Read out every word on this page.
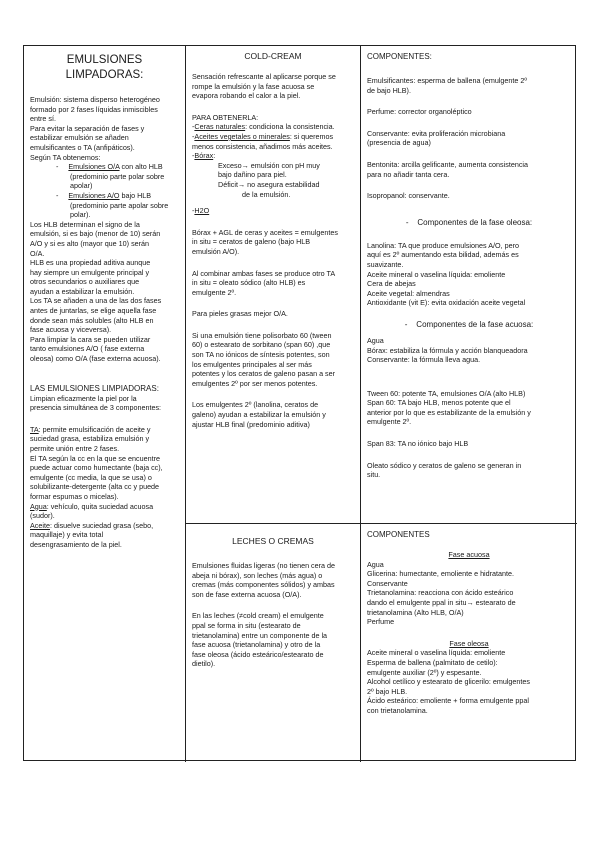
EMULSIONES
LIMPADORAS:

Emulsión: sistema disperso heterogéneo

formado por 2 fases líquidas inmiscibles

entre sí.

Para evitar la separación de fases y

estabilizar emulsión se añaden

emulsificantes o TA (anfipáticos).

Según TA obtenemos:

-     Emulsiones O/A con alto HLB

(predominio parte polar sobre

apolar)

-     Emulsiones A/O bajo HLB

(predominio parte apolar sobre

polar).

Los HLB determinan el signo de la

emulsión, si es bajo (menor de 10) serán

A/O y si es alto (mayor que 10) serán

O/A.

HLB es una propiedad aditiva aunque

hay siempre un emulgente principal y

otros secundarios o auxiliares que

ayudan a estabilizar la emulsión.

Los TA se añaden a una de las dos fases

antes de juntarlas, se elige aquella fase

donde sean más solubles (alto HLB en

fase acuosa y viceversa).

Para limpiar la cara se pueden utilizar

tanto emulsiones A/O ( fase externa

oleosa) como O/A (fase externa acuosa).

LAS EMULSIONES LIMPIADORAS:

Limpian eficazmente la piel por la

presencia simultánea de 3 componentes:

TA: permite emulsificación de aceite y

suciedad grasa, estabiliza emulsión y

permite unión entre 2 fases.

El TA según la cc en la que se encuentre

puede actuar como humectante (baja cc),

emulgente (cc media, la que se usa) o

solubilizante-detergente (alta cc y puede

formar espumas o micelas).

Agua: vehículo, quita suciedad acuosa

(sudor).

Aceite: disuelve suciedad grasa (sebo,

maquillaje) y evita total

desengrasamiento de la piel.

COLD-CREAM

Sensación refrescante al aplicarse porque se

rompe la emulsión y la fase acuosa se

evapora robando el calor a la piel.

PARA OBTENERLA:

-Ceras naturales: condiciona la consistencia.

-Aceites vegetales o minerales: si queremos

menos consistencia, añadimos más aceites.

-Bórax:

Exceso→ emulsión con pH muy

bajo dañino para piel.

Déficit→ no asegura estabilidad

de la emulsión.

-H2O

Bórax + AGL de ceras y aceites = emulgentes

in situ = ceratos de galeno (bajo HLB

emulsión A/O).

Al combinar ambas fases se produce otro TA

in situ = oleato sódico (alto HLB) es

emulgente 2º.

Para pieles grasas mejor O/A.

Si una emulsión tiene polisorbato 60 (tween

60) o estearato de sorbitano (span 60) ,que

son TA no iónicos de síntesis potentes, son

los emulgentes principales al ser más

potentes y los ceratos de galeno pasan a ser

emulgentes 2º por ser menos potentes.

Los emulgentes 2º (lanolina, ceratos de

galeno) ayudan a estabilizar la emulsión y

ajustar HLB final (predominio aditiva)

COMPONENTES:

Emulsificantes: esperma de ballena (emulgente 2º

de bajo HLB).

Perfume: corrector organoléptico

Conservante: evita proliferación microbiana

(presencia de agua)

Bentonita: arcilla gelificante, aumenta consistencia

para no añadir tanta cera.

Isopropanol: conservante.

-    Componentes de la fase oleosa:

Lanolina: TA que produce emulsiones A/O, pero

aquí es 2º aumentando esta bilidad, además es

suavizante.

Aceite mineral o vaselina líquida: emoliente

Cera de abejas

Aceite vegetal: almendras

Antioxidante (vit E): evita oxidación aceite vegetal

-    Componentes de la fase acuosa:

Agua

Bórax: estabiliza la fórmula y acción blanqueadora

Conservante: la fórmula lleva agua.

Tween 60: potente TA, emulsiones O/A (alto HLB)

Span 60: TA bajo HLB, menos potente que el

anterior por lo que es estabilizante de la emulsión y

emulgente 2º.

Span 83: TA no iónico bajo HLB

Oleato sódico y ceratos de galeno se generan in

situ.

LECHES O CREMAS

Emulsiones fluidas ligeras (no tienen cera de

abeja ni bórax), son leches (más agua) o

cremas (más componentes sólidos) y ambas

son de fase externa acuosa (O/A).

En las leches (≠cold cream) el emulgente

ppal se forma in situ (estearato de

trietanolamina) entre un componente de la

fase acuosa (trietanolamina) y otro de la

fase oleosa (ácido esteárico/estearato de

dietilo).

COMPONENTES

Fase acuosa

Agua

Glicerina: humectante, emoliente e hidratante.

Conservante

Trietanolamina: reacciona con ácido esteárico

dando el emulgente ppal in situ→ estearato de

trietanolamina (Alto HLB, O/A)

Perfume

Fase oleosa

Aceite mineral o vaselina líquida: emoliente

Esperma de ballena (palmitato de cetilo):

emulgente auxiliar (2º) y espesante.

Alcohol cetílico y estearato de glicerilo: emulgentes

2º bajo HLB.

Ácido esteárico: emoliente + forma emulgente ppal

con trietanolamina.
